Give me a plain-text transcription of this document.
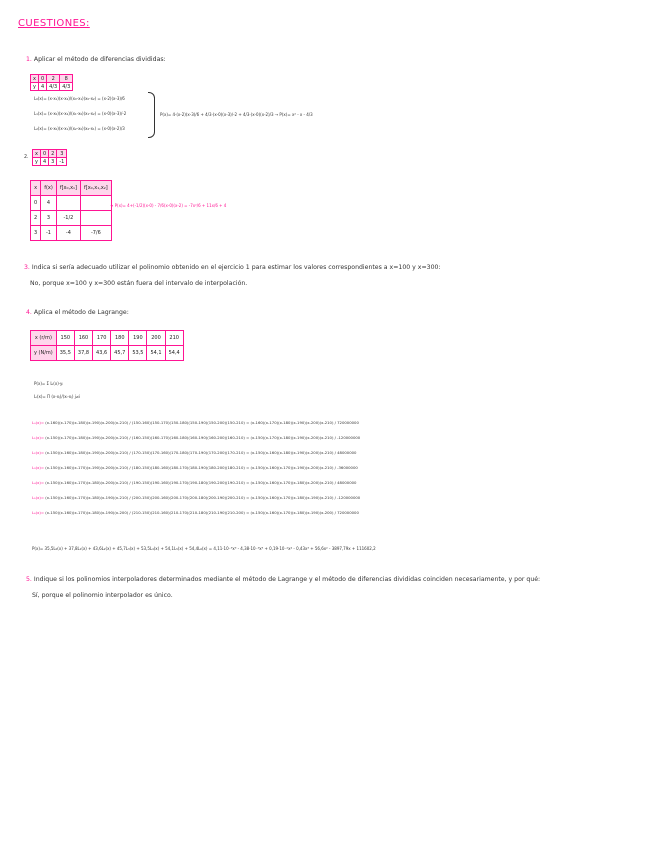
CUESTIONES:
1. Aplicar el método de diferencias divididas:
x	0	2	8
y	4	4/3	4/3
L₀(x)= (x-x₁)(x-x₂)/(x₀-x₁)(x₀-x₂) = (x-2)(x-3)/6
L₁(x)= (x-x₀)(x-x₂)/(x₁-x₀)(x₁-x₂) = (x-0)(x-3)/-2
L₂(x)= (x-x₀)(x-x₁)/(x₂-x₀)(x₂-x₁) = (x-0)(x-2)/3
P(x)= 4·(x-2)(x-3)/6 + 4/3·(x-0)(x-3)/-2 + 4/3·(x-0)(x-2)/3 → P(x)= x² - x - 4/3
2.
x	0	2	3
y	4	3	-1
x	f(x)	f[x₀,x₁]	f[x₀,x₁,x₂]
0	4		
2	3	-1/2	
3	-1	-4	-7/6
→ P(x)= 4+(-1/2)(x-0) - 7/6(x-0)(x-2) = -7x²/6 + 11x/6 + 4
3. Indica si sería adecuado utilizar el polinomio obtenido en el ejercicio 1 para estimar los valores correspondientes a x=100 y x=300:
No, porque x=100 y x=300 están fuera del intervalo de interpolación.
4. Aplica el método de Lagrange:
x (r/m)	150	160	170	180	190	200	210
y (N/m)	35,5	37,8	43,6	45,7	53,5	54,1	54,4
P(x)= Σ Lᵢ(x)·yᵢ
Lᵢ(x)= Π (x-xⱼ)/(xᵢ-xⱼ) j≠i
L₀(x)= (x-160)(x-170)(x-180)(x-190)(x-200)(x-210) / (150-160)(150-170)(150-180)(150-190)(150-200)(150-210) = (x-160)(x-170)(x-180)(x-190)(x-200)(x-210) / 720000000
L₁(x)= (x-150)(x-170)(x-180)(x-190)(x-200)(x-210) / (160-150)(160-170)(160-180)(160-190)(160-200)(160-210) = (x-150)(x-170)(x-180)(x-190)(x-200)(x-210) / -120000000
L₂(x)= (x-150)(x-160)(x-180)(x-190)(x-200)(x-210) / (170-150)(170-160)(170-180)(170-190)(170-200)(170-210) = (x-150)(x-160)(x-180)(x-190)(x-200)(x-210) / 48000000
L₃(x)= (x-150)(x-160)(x-170)(x-190)(x-200)(x-210) / (180-150)(180-160)(180-170)(180-190)(180-200)(180-210) = (x-150)(x-160)(x-170)(x-190)(x-200)(x-210) / -36000000
L₄(x)= (x-150)(x-160)(x-170)(x-180)(x-200)(x-210) / (190-150)(190-160)(190-170)(190-180)(190-200)(190-210) = (x-150)(x-160)(x-170)(x-180)(x-200)(x-210) / 48000000
L₅(x)= (x-150)(x-160)(x-170)(x-180)(x-190)(x-210) / (200-150)(200-160)(200-170)(200-180)(200-190)(200-210) = (x-150)(x-160)(x-170)(x-180)(x-190)(x-210) / -120000000
L₆(x)= (x-150)(x-160)(x-170)(x-180)(x-190)(x-200) / (210-150)(210-160)(210-170)(210-180)(210-190)(210-200) = (x-150)(x-160)(x-170)(x-180)(x-190)(x-200) / 720000000
P(x)= 35,5L₀(x) + 37,8L₁(x) + 43,6L₂(x) + 45,7L₃(x) + 53,5L₄(x) + 54,1L₅(x) + 54,4L₆(x) = 4,11·10⁻⁹x⁶ - 4,38·10⁻⁶x⁵ + 0,19·10⁻²x⁴ - 0,43x³ + 56,6x² - 3897,79x + 111602,2
5. Indique si los polinomios interpoladores determinados mediante el método de Lagrange y el método de diferencias divididas coinciden necesariamente, y por qué:
Sí, porque el polinomio interpolador es único.
